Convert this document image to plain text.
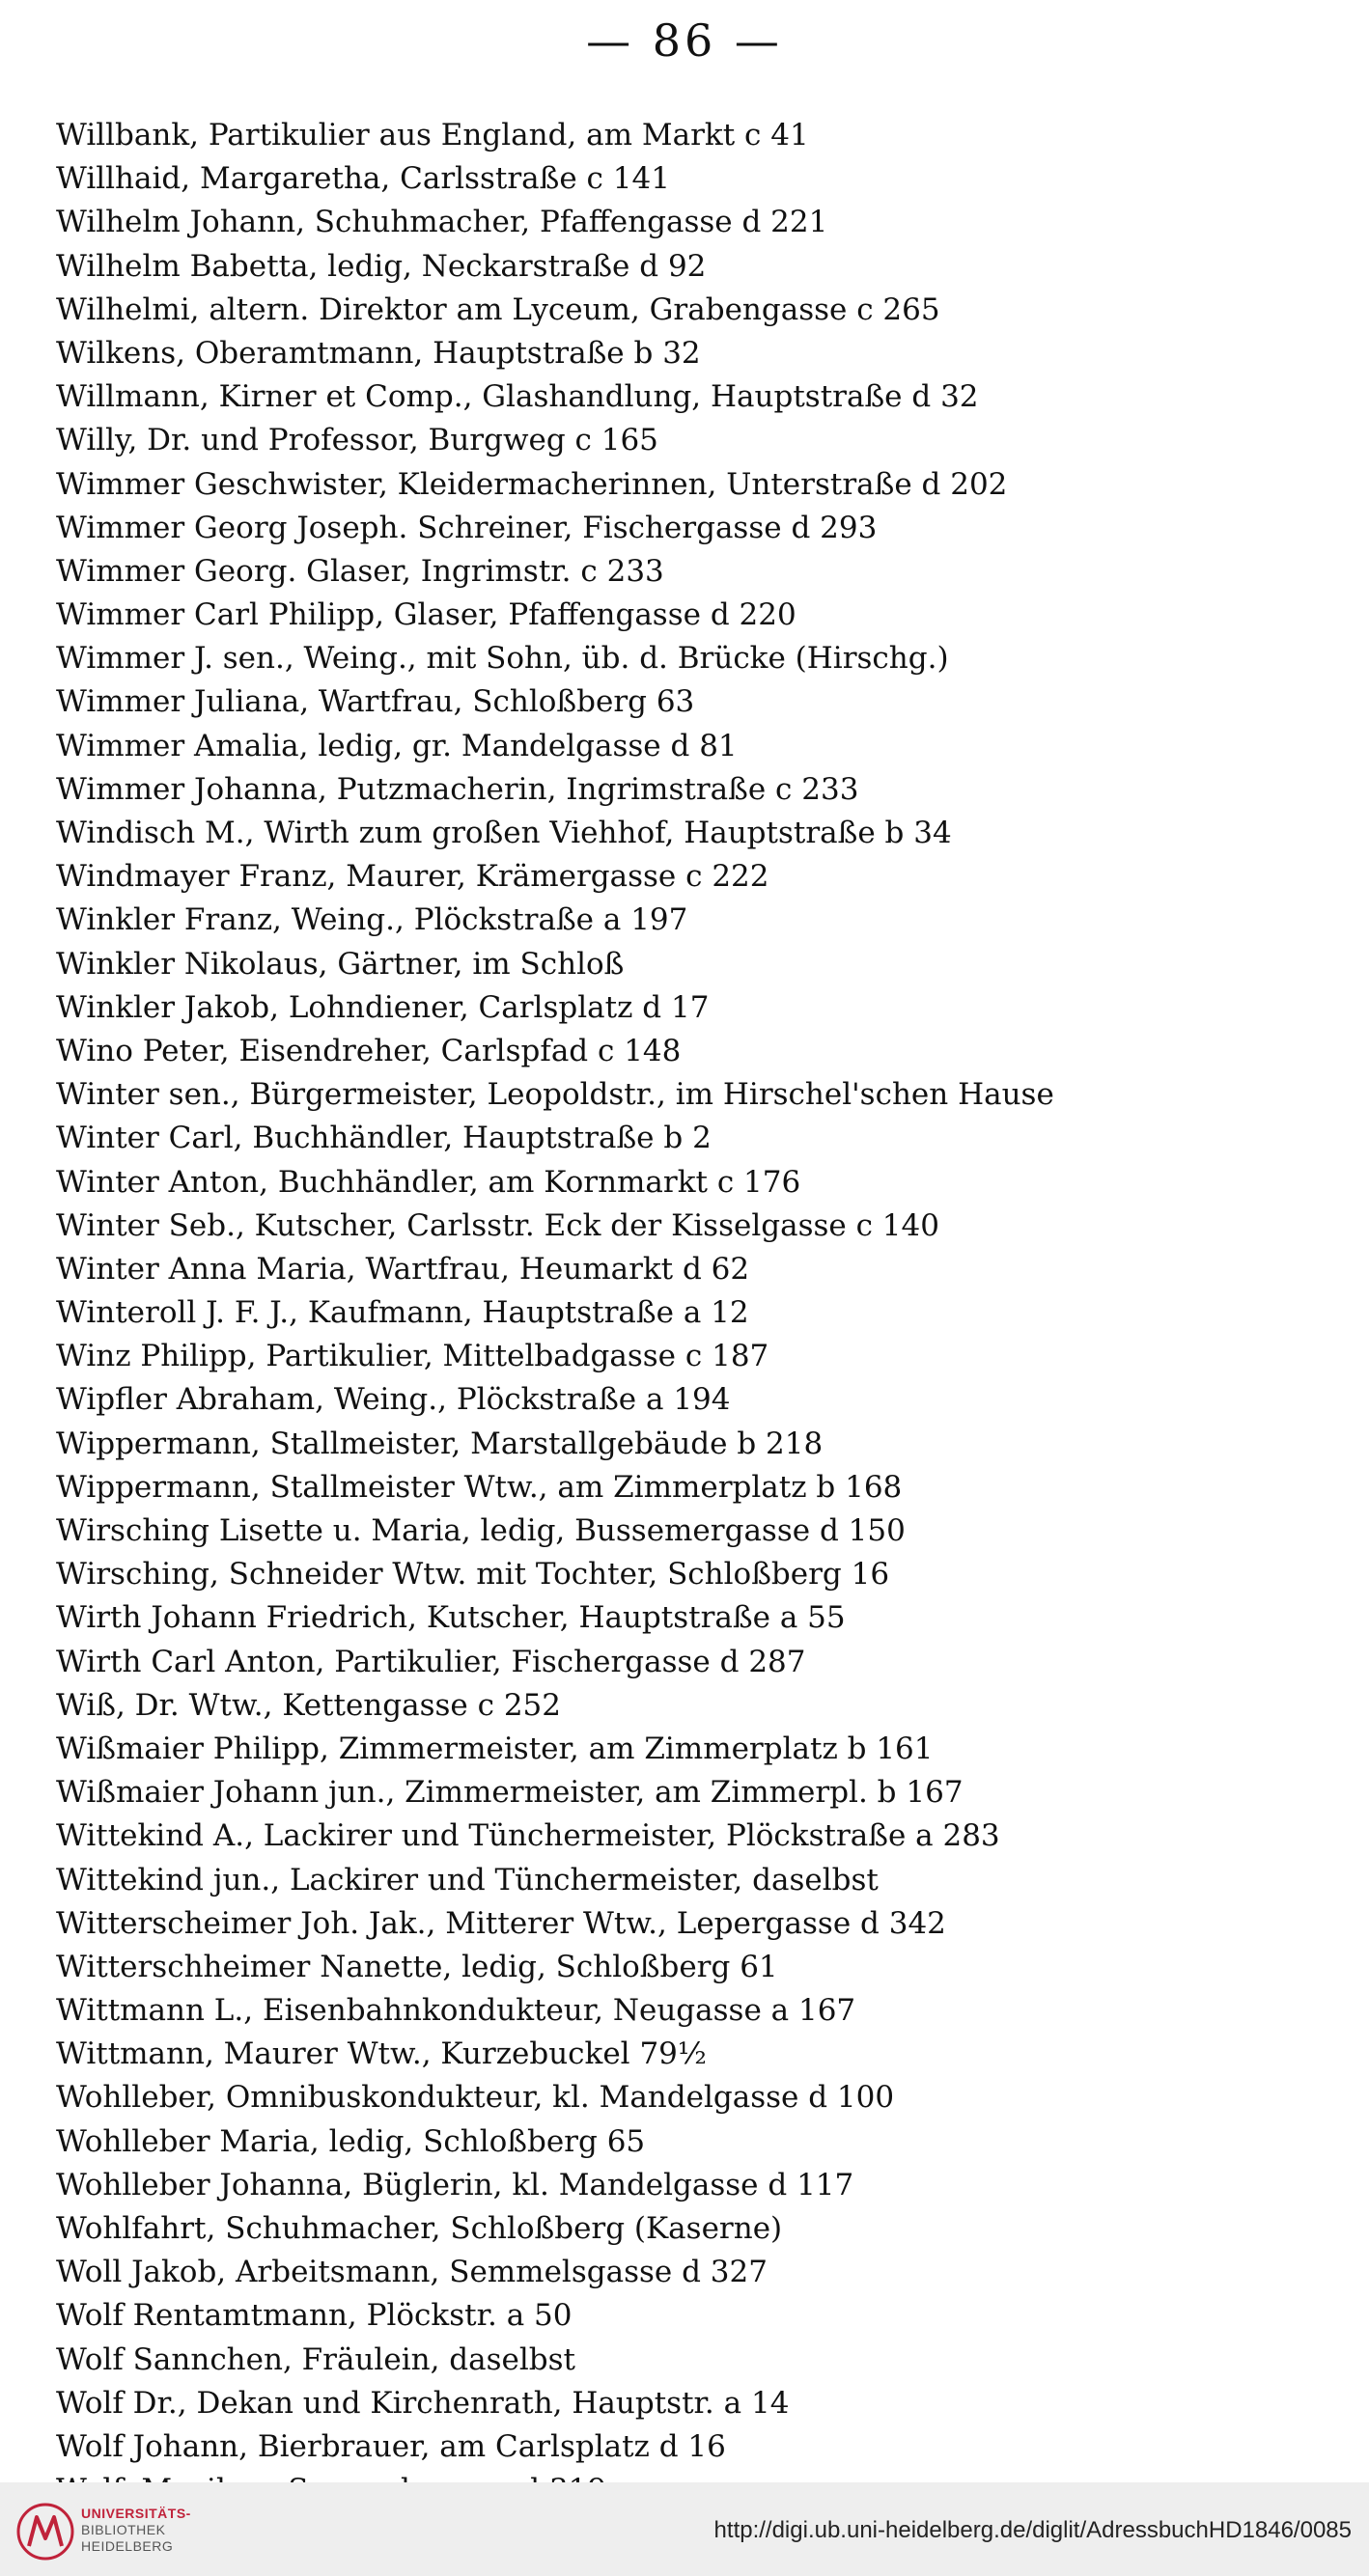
— 86 —
Willbank, Partikulier aus England, am Markt c 41
Willhaid, Margaretha, Carlsstraße c 141
Wilhelm Johann, Schuhmacher, Pfaffengasse d 221
Wilhelm Babetta, ledig, Neckarstraße d 92
Wilhelmi, altern. Direktor am Lyceum, Grabengasse c 265
Wilkens, Oberamtmann, Hauptstraße b 32
Willmann, Kirner et Comp., Glashandlung, Hauptstraße d 32
Willy, Dr. und Professor, Burgweg c 165
Wimmer Geschwister, Kleidermacherinnen, Unterstraße d 202
Wimmer Georg Joseph. Schreiner, Fischergasse d 293
Wimmer Georg. Glaser, Ingrimstr. c 233
Wimmer Carl Philipp, Glaser, Pfaffengasse d 220
Wimmer J. sen., Weing., mit Sohn, üb. d. Brücke (Hirschg.)
Wimmer Juliana, Wartfrau, Schloßberg 63
Wimmer Amalia, ledig, gr. Mandelgasse d 81
Wimmer Johanna, Putzmacherin, Ingrimstraße c 233
Windisch M., Wirth zum großen Viehhof, Hauptstraße b 34
Windmayer Franz, Maurer, Krämergasse c 222
Winkler Franz, Weing., Plöckstraße a 197
Winkler Nikolaus, Gärtner, im Schloß
Winkler Jakob, Lohndiener, Carlsplatz d 17
Wino Peter, Eisendreher, Carlspfad c 148
Winter sen., Bürgermeister, Leopoldstr., im Hirschel'schen Hause
Winter Carl, Buchhändler, Hauptstraße b 2
Winter Anton, Buchhändler, am Kornmarkt c 176
Winter Seb., Kutscher, Carlsstr. Eck der Kisselgasse c 140
Winter Anna Maria, Wartfrau, Heumarkt d 62
Winteroll J. F. J., Kaufmann, Hauptstraße a 12
Winz Philipp, Partikulier, Mittelbadgasse c 187
Wipfler Abraham, Weing., Plöckstraße a 194
Wippermann, Stallmeister, Marstallgebäude b 218
Wippermann, Stallmeister Wtw., am Zimmerplatz b 168
Wirsching Lisette u. Maria, ledig, Bussemergasse d 150
Wirsching, Schneider Wtw. mit Tochter, Schloßberg 16
Wirth Johann Friedrich, Kutscher, Hauptstraße a 55
Wirth Carl Anton, Partikulier, Fischergasse d 287
Wiß, Dr. Wtw., Kettengasse c 252
Wißmaier Philipp, Zimmermeister, am Zimmerplatz b 161
Wißmaier Johann jun., Zimmermeister, am Zimmerpl. b 167
Wittekind A., Lackirer und Tünchermeister, Plöckstraße a 283
Wittekind jun., Lackirer und Tünchermeister, daselbst
Witterscheimer Joh. Jak., Mitterer Wtw., Lepergasse d 342
Witterschheimer Nanette, ledig, Schloßberg 61
Wittmann L., Eisenbahnkondukteur, Neugasse a 167
Wittmann, Maurer Wtw., Kurzebuckel 79½
Wohlleber, Omnibuskondukteur, kl. Mandelgasse d 100
Wohlleber Maria, ledig, Schloßberg 65
Wohlleber Johanna, Büglerin, kl. Mandelgasse d 117
Wohlfahrt, Schuhmacher, Schloßberg (Kaserne)
Woll Jakob, Arbeitsmann, Semmelsgasse d 327
Wolf Rentamtmann, Plöckstr. a 50
Wolf Sannchen, Fräulein, daselbst
Wolf Dr., Dekan und Kirchenrath, Hauptstr. a 14
Wolf Johann, Bierbrauer, am Carlsplatz d 16
UNIVERSITÄTS-
BIBLIOTHEK
HEIDELBERG
http://digi.ub.uni-heidelberg.de/diglit/AdressbuchHD1846/0085
